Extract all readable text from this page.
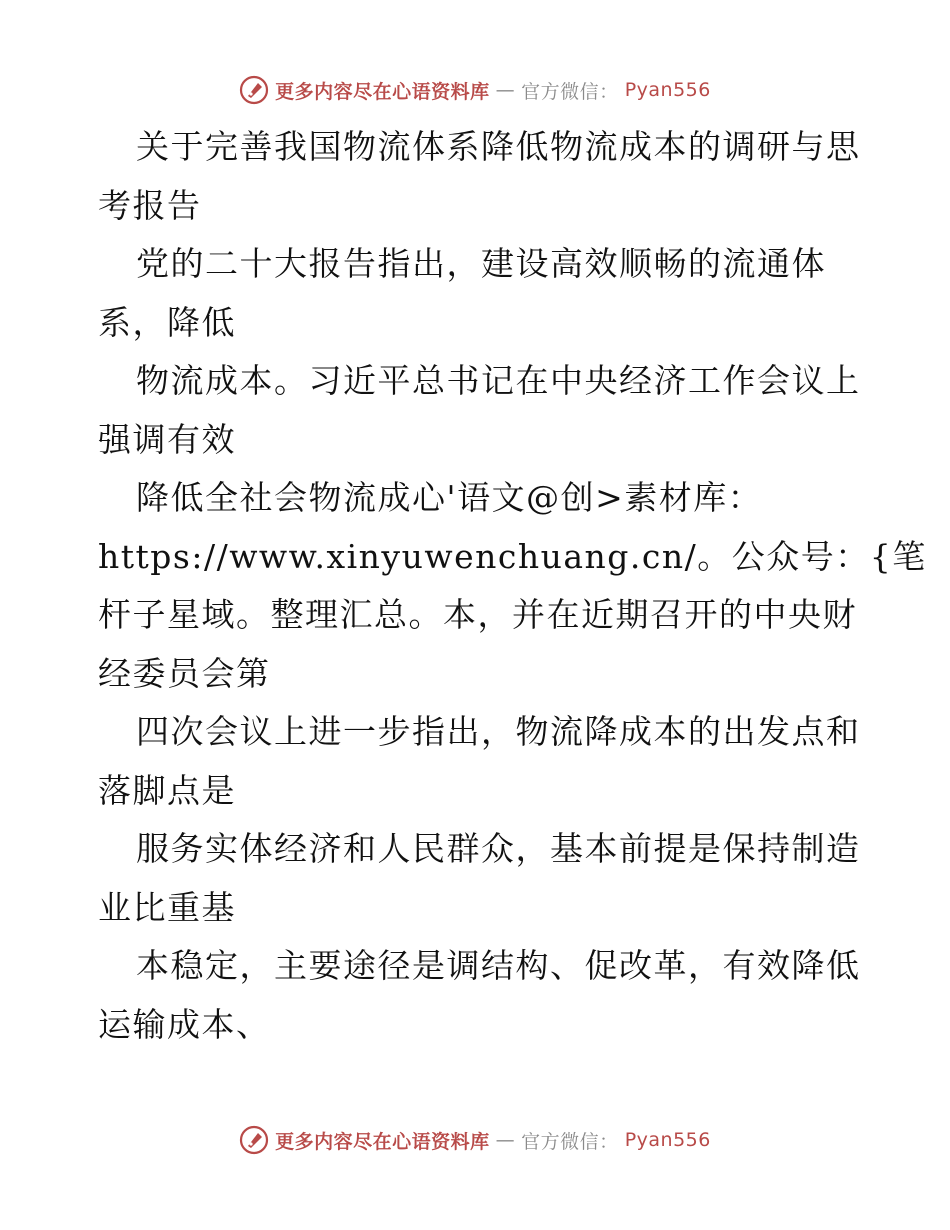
更多内容尽在心语资料库 — 官方微信： Pyan556
关于完善我国物流体系降低物流成本的调研与思
考报告
党的二十大报告指出，建设高效顺畅的流通体
系，降低
物流成本。习近平总书记在中央经济工作会议上
强调有效
降低全社会物流成心'语文@创>素材库：
https://www.xinyuwenchuang.cn/。公众号：{笔
杆子星域。整理汇总。本，并在近期召开的中央财
经委员会第
四次会议上进一步指出，物流降成本的出发点和
落脚点是
服务实体经济和人民群众，基本前提是保持制造
业比重基
本稳定，主要途径是调结构、促改革，有效降低
运输成本、
更多内容尽在心语资料库 — 官方微信： Pyan556
